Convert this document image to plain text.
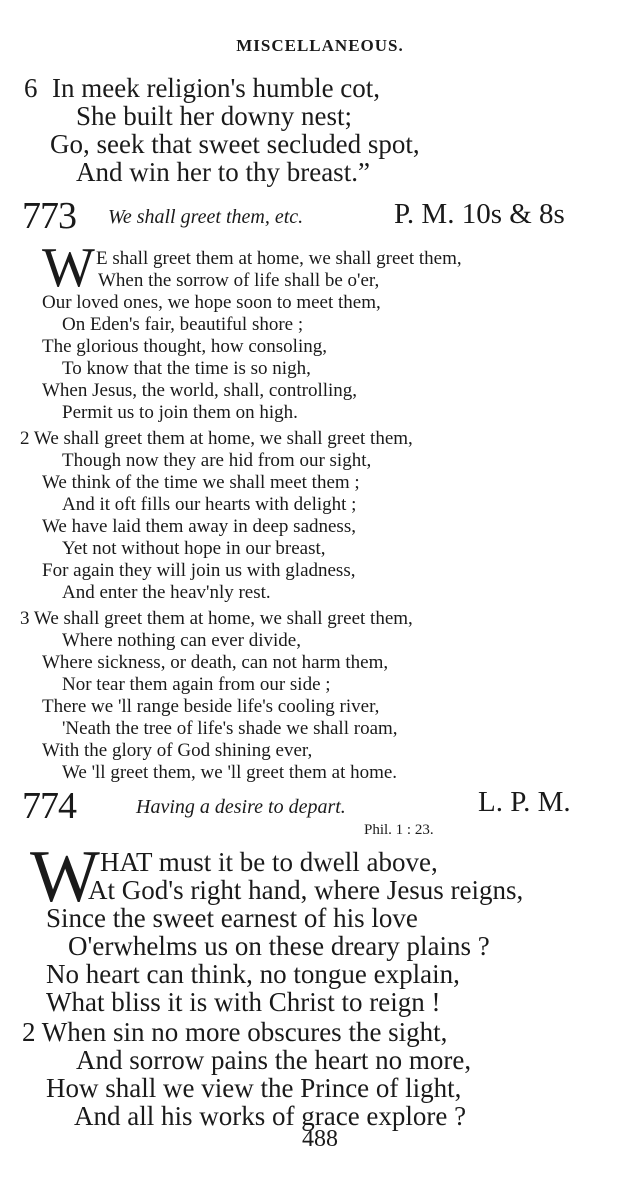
MISCELLANEOUS.
6 In meek religion's humble cot,
She built her downy nest;
Go, seek that sweet secluded spot,
And win her to thy breast.”
773 We shall greet them, etc.	P. M. 10s & 8s
W E shall greet them at home, we shall greet them,
When the sorrow of life shall be o'er,
Our loved ones, we hope soon to meet them,
On Eden's fair, beautiful shore ;
The glorious thought, how consoling,
To know that the time is so nigh,
When Jesus, the world, shall, controlling,
Permit us to join them on high.
2 We shall greet them at home, we shall greet them,
Though now they are hid from our sight,
We think of the time we shall meet them ;
And it oft fills our hearts with delight ;
We have laid them away in deep sadness,
Yet not without hope in our breast,
For again they will join us with gladness,
And enter the heav'nly rest.
3 We shall greet them at home, we shall greet them,
Where nothing can ever divide,
Where sickness, or death, can not harm them,
Nor tear them again from our side ;
There we 'll range beside life's cooling river,
'Neath the tree of life's shade we shall roam,
With the glory of God shining ever,
We 'll greet them, we 'll greet them at home.
774	Having a desire to depart.	L. P. M.
Phil. 1 : 23.
W HAT must it be to dwell above,
At God's right hand, where Jesus reigns,
Since the sweet earnest of his love
O'erwhelms us on these dreary plains ?
No heart can think, no tongue explain,
What bliss it is with Christ to reign !
2 When sin no more obscures the sight,
And sorrow pains the heart no more,
How shall we view the Prince of light,
And all his works of grace explore ?
488
